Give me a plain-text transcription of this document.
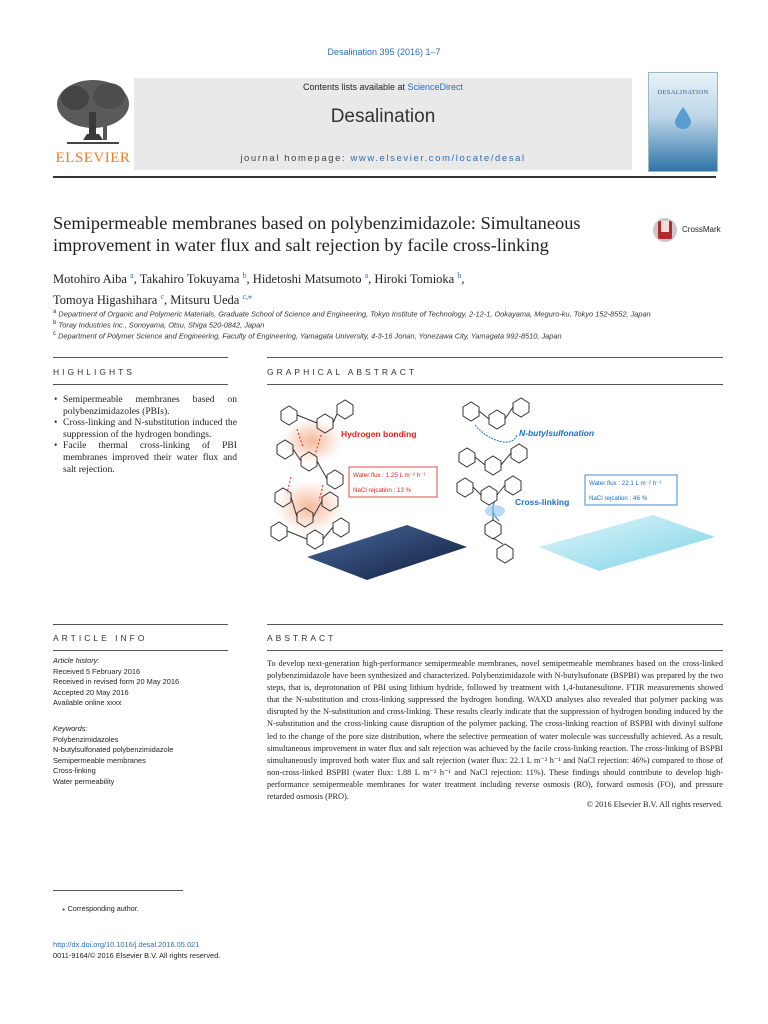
Desalination 395 (2016) 1–7
ELSEVIER
Contents lists available at ScienceDirect
Desalination
journal homepage: www.elsevier.com/locate/desal
DESALINATION
Semipermeable membranes based on polybenzimidazole: Simultaneous improvement in water flux and salt rejection by facile cross-linking
CrossMark
Motohiro Aiba $^a$, Takahiro Tokuyama $^b$, Hidetoshi Matsumoto $^a$, Hiroki Tomioka $^b$,
Tomoya Higashihara $^c$, Mitsuru Ueda $^{c,⁎}$
$^a$ Department of Organic and Polymeric Materials, Graduate School of Science and Engineering, Tokyo Institute of Technology, 2-12-1, Ookayama, Meguro-ku, Tokyo 152-8552, Japan
$^b$ Toray Industries Inc., Sonoyama, Otsu, Shiga 520-0842, Japan
$^c$ Department of Polymer Science and Engineering, Faculty of Engineering, Yamagata University, 4-3-16 Jonan, Yonezawa City, Yamagata 992-8510, Japan
HIGHLIGHTS
• Semipermeable membranes based on polybenzimidazoles (PBIs).
• Cross-linking and N-substitution induced the suppression of the hydrogen bondings.
• Facile thermal cross-linking of PBI membranes improved their water flux and salt rejection.
GRAPHICAL ABSTRACT
Hydrogen bonding
Water flux : 1.25 L m⁻² h⁻¹
NaCl rejcation : 13 %
N-butylsulfonation
Cross-linking
Water flux : 22.1 L m⁻² h⁻¹
NaCl rejcation : 46 %
ARTICLE INFO
Article history:
Received 5 February 2016
Received in revised form 20 May 2016
Accepted 20 May 2016
Available online xxxx
Keywords:
Polybenzimidazoles
N-butylsulfonated polybenzimidazole
Semipermeable membranes
Cross-linking
Water permeability
ABSTRACT
To develop next-generation high-performance semipermeable membranes, novel semipermeable membranes based on the cross-linked polybenzimidazole have been synthesized and characterized. Polybenzimidazole with N-butylsufonate (BSPBI) was prepared by the two steps, that is, deprotonation of PBI using lithium hydride, followed by treatment with 1,4-butanesultone. FTIR measurements showed that the N-substitution and cross-linking suppressed the hydrogen bonding. WAXD analyses also revealed that polymer packing was disrupted by the N-substitution and cross-linking. These results clearly indicate that the suppression of hydrogen bonding induced by the N-substitution and the cross-linking cause disruption of the polymer packing. The cross-linking reaction of BSPBI with divinyl sulfone led to the change of the pore size distribution, where the selective permeation of water molecule was successfully achieved. As a result, simultaneous improvement in water flux and salt rejection was achieved by the facile cross-linking reaction. The cross-linking of BSPBI simultaneously improved both water flux and salt rejection (water flux: 22.1 L m⁻² h⁻¹ and NaCl rejection: 46%) compared to those of non-cross-linked BSPBI (water flux: 1.88 L m⁻² h⁻¹ and NaCl rejection: 11%). These findings should contribute to develop high-performance semipermeable membranes for water treatment including reverse osmosis (RO), forward osmosis (FO), and pressure retarded osmosis (PRO).
© 2016 Elsevier B.V. All rights reserved.
⁎ Corresponding author.
http://dx.doi.org/10.1016/j.desal.2016.05.021
0011-9164/© 2016 Elsevier B.V. All rights reserved.
